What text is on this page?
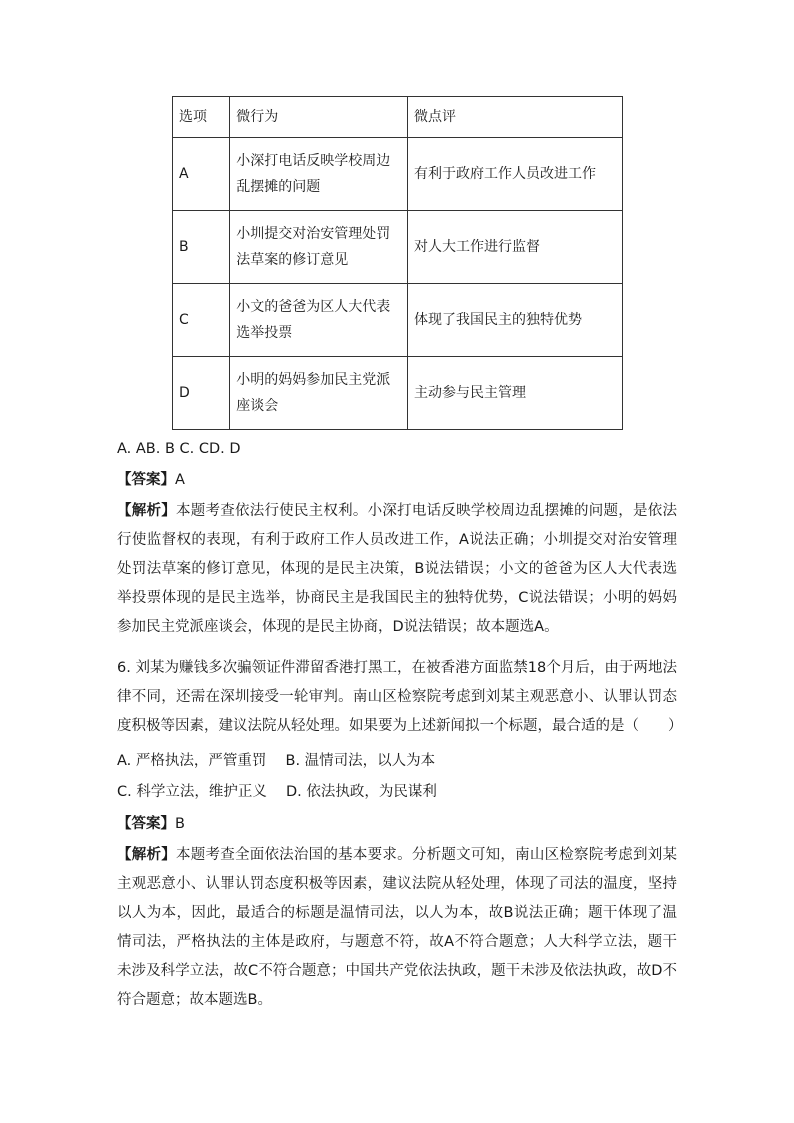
选项	微行为	微点评
A	小深打电话反映学校周边乱摆摊的问题	有利于政府工作人员改进工作
B	小圳提交对治安管理处罚法草案的修订意见	对人大工作进行监督
C	小文的爸爸为区人大代表选举投票	体现了我国民主的独特优势
D	小明的妈妈参加民主党派座谈会	主动参与民主管理
A. AB. B C. CD. D
【答案】A
【解析】本题考查依法行使民主权利。小深打电话反映学校周边乱摆摊的问题，是依法行使监督权的表现，有利于政府工作人员改进工作，A说法正确；小圳提交对治安管理处罚法草案的修订意见，体现的是民主决策，B说法错误；小文的爸爸为区人大代表选举投票体现的是民主选举，协商民主是我国民主的独特优势，C说法错误；小明的妈妈参加民主党派座谈会，体现的是民主协商，D说法错误；故本题选A。
6. 刘某为赚钱多次骗领证件滞留香港打黑工，在被香港方面监禁18个月后，由于两地法律不同，还需在深圳接受一轮审判。南山区检察院考虑到刘某主观恶意小、认罪认罚态度积极等因素，建议法院从轻处理。如果要为上述新闻拟一个标题，最合适的是（　　）
A. 严格执法，严管重罚　 B. 温情司法，以人为本
C. 科学立法，维护正义　 D. 依法执政，为民谋利
【答案】B
【解析】本题考查全面依法治国的基本要求。分析题文可知，南山区检察院考虑到刘某主观恶意小、认罪认罚态度积极等因素，建议法院从轻处理，体现了司法的温度，坚持以人为本，因此，最适合的标题是温情司法，以人为本，故B说法正确；题干体现了温情司法，严格执法的主体是政府，与题意不符，故A不符合题意；人大科学立法，题干未涉及科学立法，故C不符合题意；中国共产党依法执政，题干未涉及依法执政，故D不符合题意；故本题选B。
